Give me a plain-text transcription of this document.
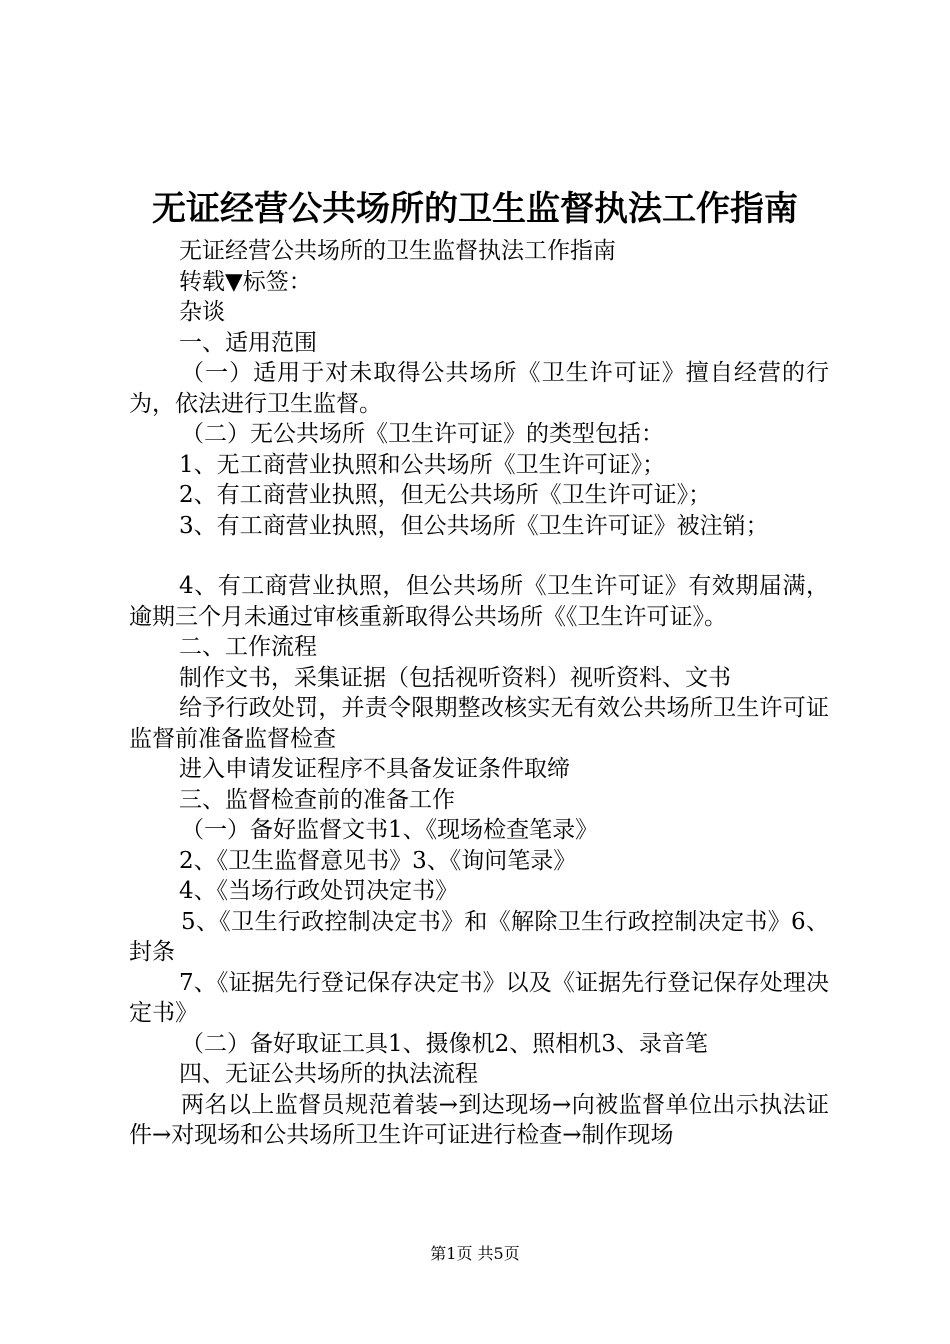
无证经营公共场所的卫生监督执法工作指南

无证经营公共场所的卫生监督执法工作指南

转载▼标签：

杂谈

一、适用范围

（一）适用于对未取得公共场所《卫生许可证》擅自经营的行为，依法进行卫生监督。

（二）无公共场所《卫生许可证》的类型包括：

1、无工商营业执照和公共场所《卫生许可证》；

2、有工商营业执照，但无公共场所《卫生许可证》；

3、有工商营业执照，但公共场所《卫生许可证》被注销；

4、有工商营业执照，但公共场所《卫生许可证》有效期届满，逾期三个月未通过审核重新取得公共场所《《卫生许可证》。

二、工作流程

制作文书，采集证据（包括视听资料）视听资料、文书

给予行政处罚，并责令限期整改核实无有效公共场所卫生许可证监督前准备监督检查

进入申请发证程序不具备发证条件取缔

三、监督检查前的准备工作

（一）备好监督文书1、《现场检查笔录》

2、《卫生监督意见书》3、《询问笔录》

4、《当场行政处罚决定书》

5、《卫生行政控制决定书》和《解除卫生行政控制决定书》6、封条

7、《证据先行登记保存决定书》以及《证据先行登记保存处理决定书》

（二）备好取证工具1、摄像机2、照相机3、录音笔

四、无证公共场所的执法流程

两名以上监督员规范着装→到达现场→向被监督单位出示执法证件→对现场和公共场所卫生许可证进行检查→制作现场

第1页 共5页
